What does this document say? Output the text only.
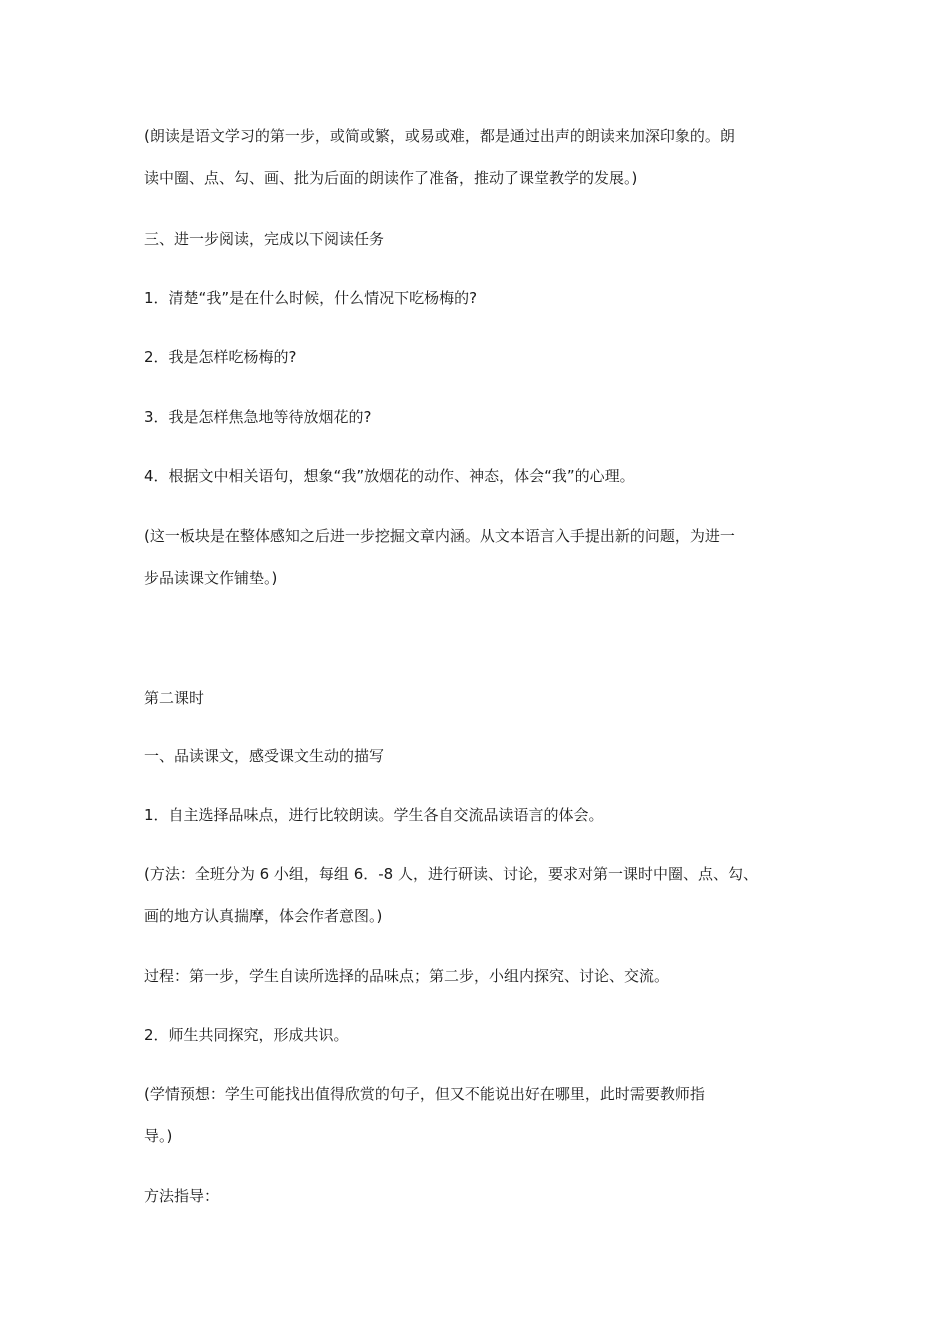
(朗读是语文学习的第一步，或简或繁，或易或难，都是通过出声的朗读来加深印象的。朗
读中圈、点、勾、画、批为后面的朗读作了准备，推动了课堂教学的发展。)
三、进一步阅读，完成以下阅读任务
1．清楚“我”是在什么时候，什么情况下吃杨梅的?
2．我是怎样吃杨梅的?
3．我是怎样焦急地等待放烟花的?
4．根据文中相关语句，想象“我”放烟花的动作、神态，体会“我”的心理。
(这一板块是在整体感知之后进一步挖掘文章内涵。从文本语言入手提出新的问题，为进一
步品读课文作铺垫。)
第二课时
一、品读课文，感受课文生动的描写
1．自主选择品味点，进行比较朗读。学生各自交流品读语言的体会。
(方法：全班分为 6 小组，每组 6．-8 人，进行研读、讨论，要求对第一课时中圈、点、勾、
画的地方认真揣摩，体会作者意图。)
过程：第一步，学生自读所选择的品味点；第二步，小组内探究、讨论、交流。
2．师生共同探究，形成共识。
(学情预想：学生可能找出值得欣赏的句子，但又不能说出好在哪里，此时需要教师指
导。)
方法指导：
